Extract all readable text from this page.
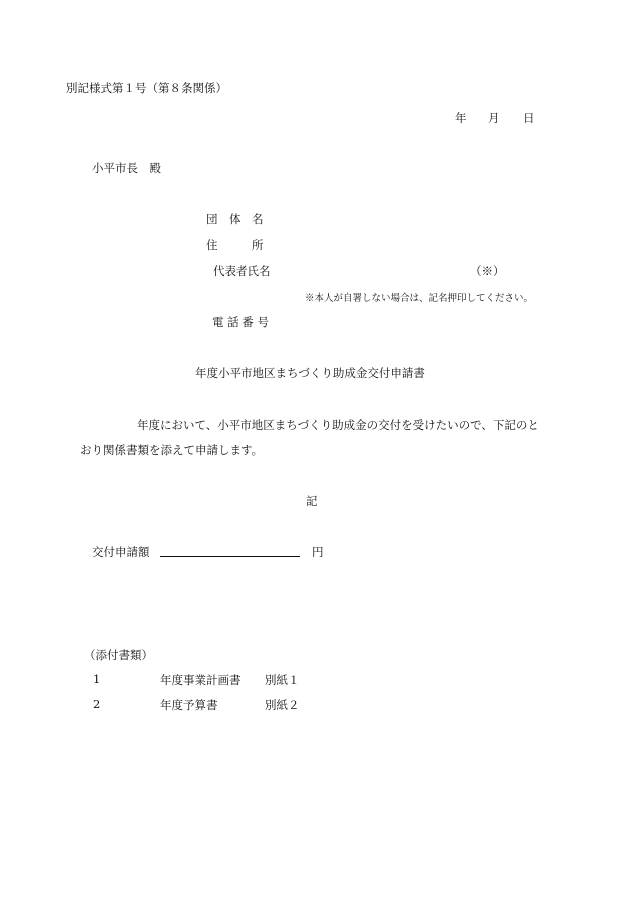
別記様式第１号（第８条関係）
年 月 日
小平市長　殿
団　体　名
住　　　所
代表者氏名	（※）
※本人が自署しない場合は、記名押印してください。
電 話 番 号
年度小平市地区まちづくり助成金交付申請書
年度において、小平市地区まちづくり助成金の交付を受けたいので、下記のと
おり関係書類を添えて申請します。
記
交付申請額	円
（添付書類）
1	年度事業計画書 別紙１
2	年度予算書	別紙２
